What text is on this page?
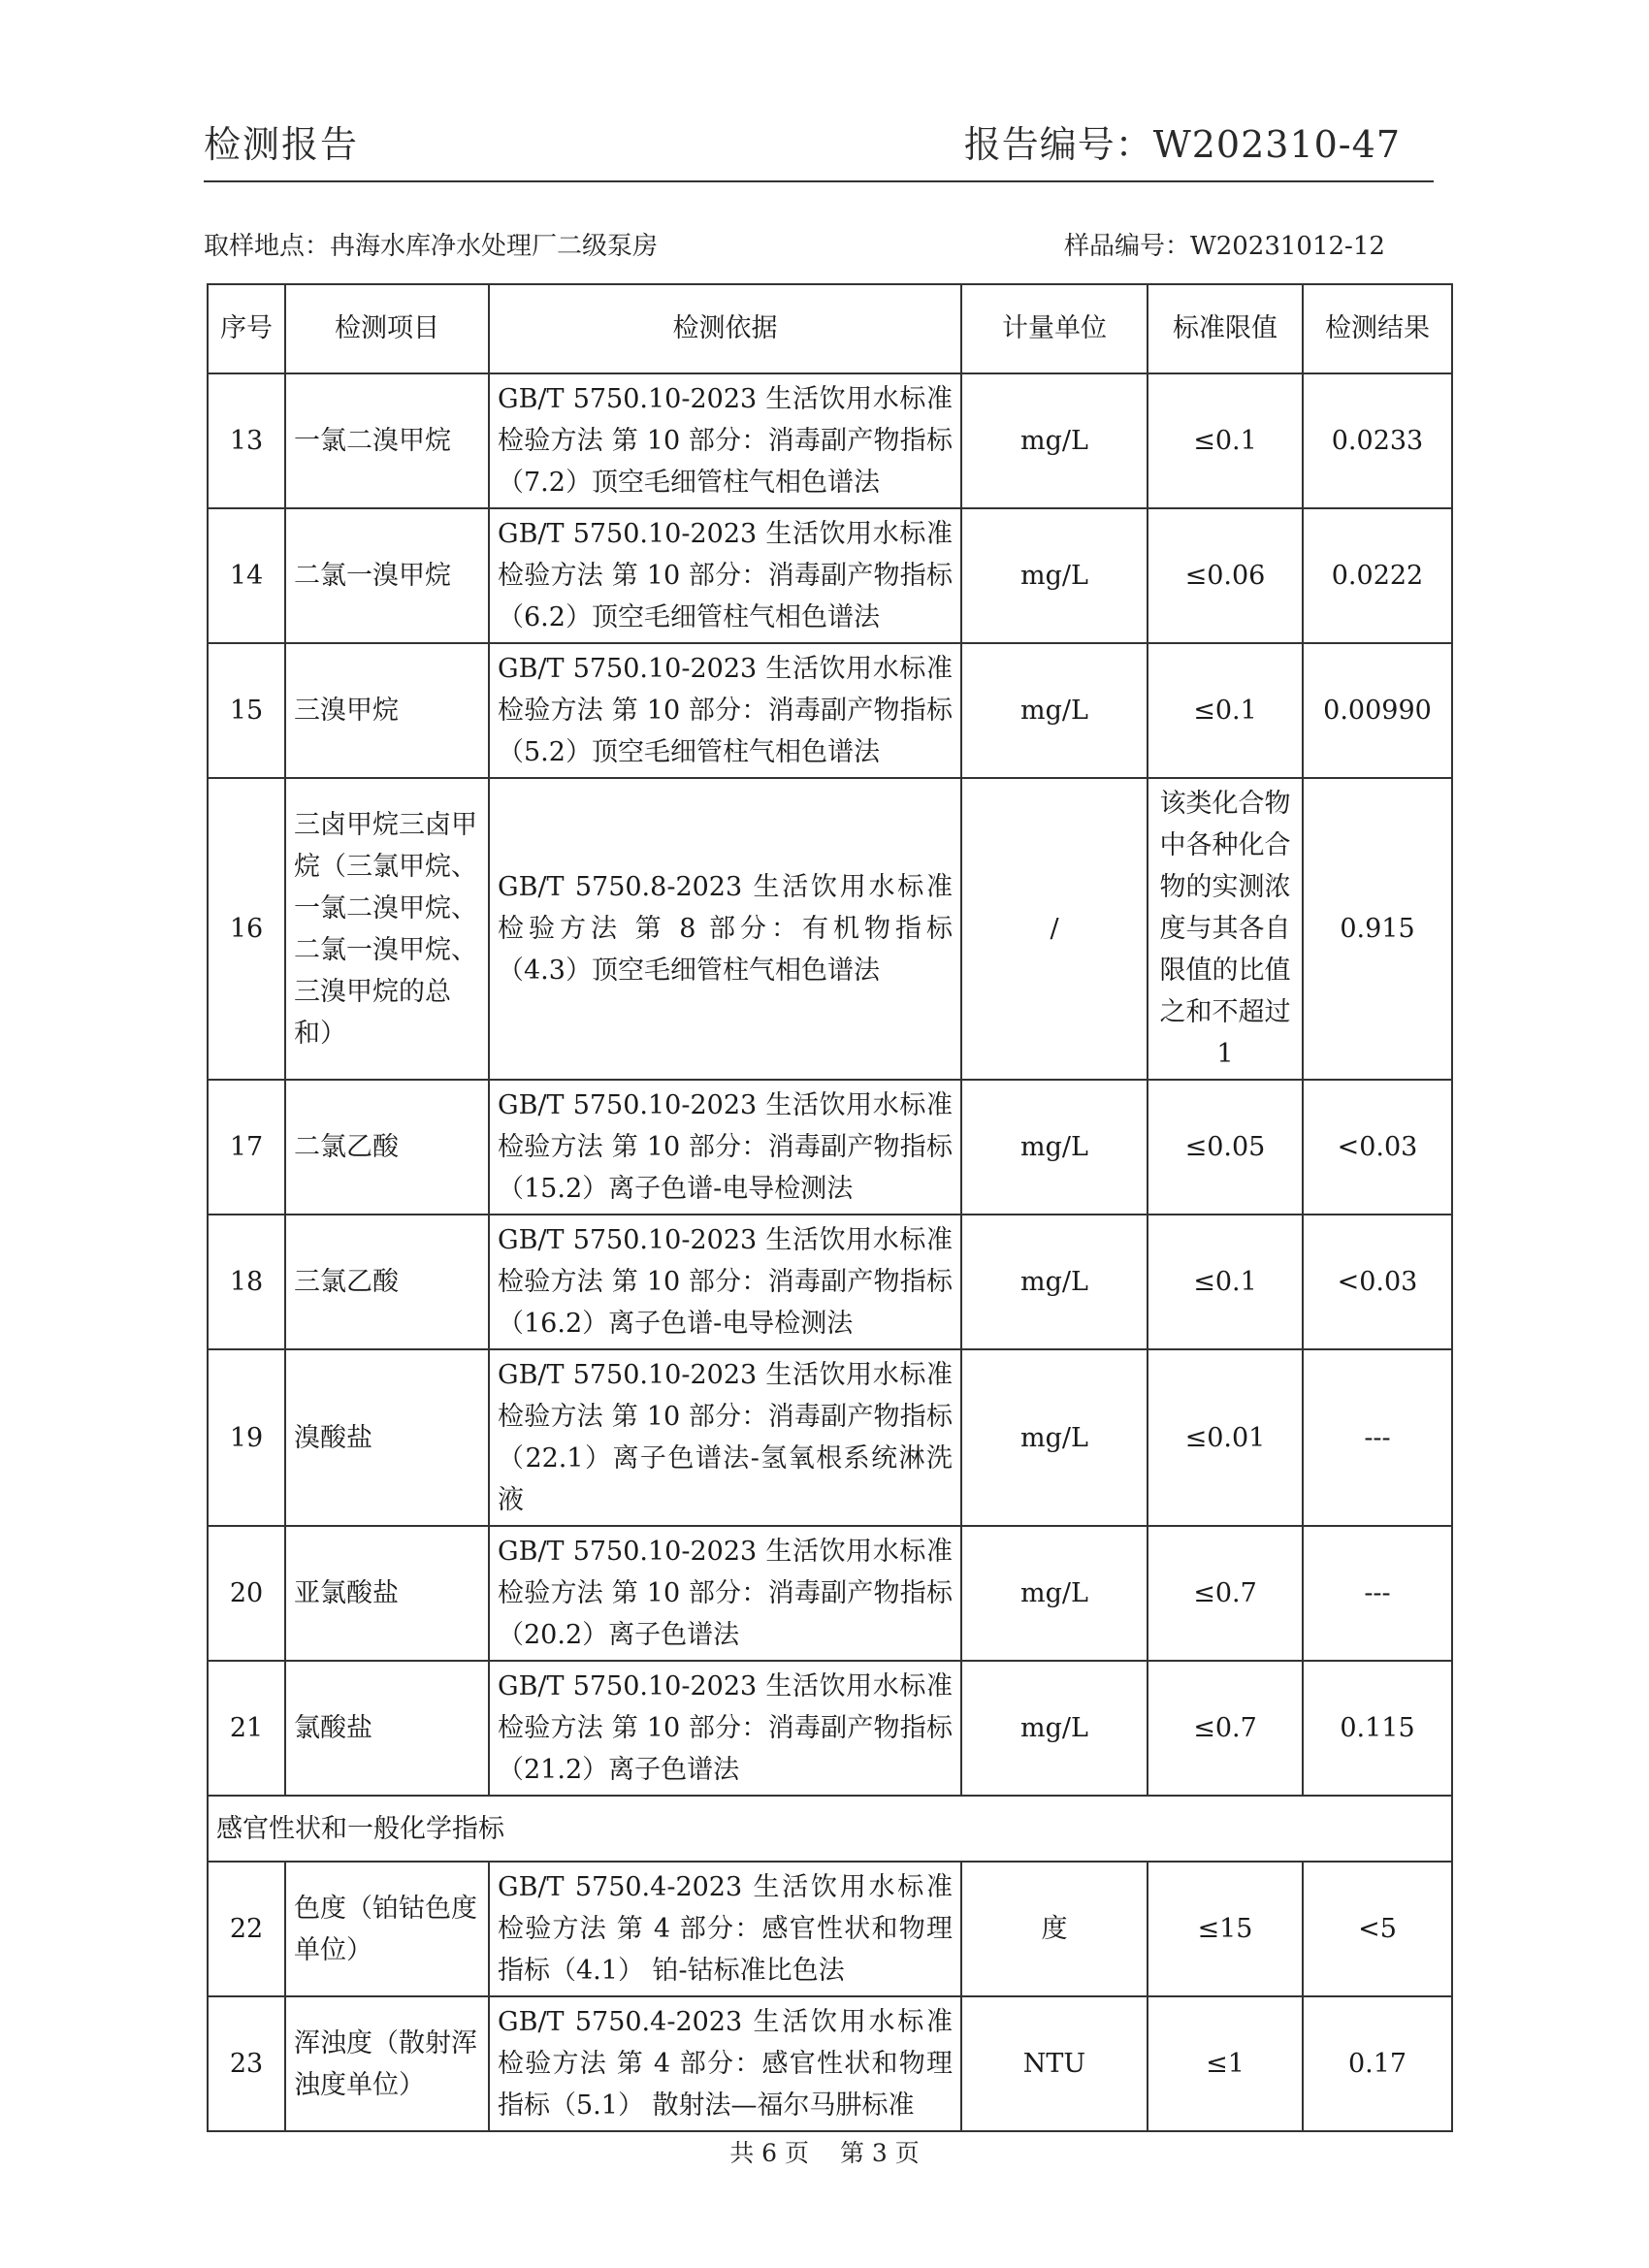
检测报告	报告编号：W202310-47
取样地点：冉海水库净水处理厂二级泵房	样品编号：W20231012-12
序号	检测项目	检测依据	计量单位	标准限值	检测结果
13	一氯二溴甲烷	GB/T 5750.10-2023 生活饮用水标准检验方法 第 10 部分：消毒副产物指标（7.2）顶空毛细管柱气相色谱法	mg/L	≤0.1	0.0233
14	二氯一溴甲烷	GB/T 5750.10-2023 生活饮用水标准检验方法 第 10 部分：消毒副产物指标（6.2）顶空毛细管柱气相色谱法	mg/L	≤0.06	0.0222
15	三溴甲烷	GB/T 5750.10-2023 生活饮用水标准检验方法 第 10 部分：消毒副产物指标（5.2）顶空毛细管柱气相色谱法	mg/L	≤0.1	0.00990
16	三卤甲烷三卤甲烷（三氯甲烷、一氯二溴甲烷、二氯一溴甲烷、三溴甲烷的总和）	GB/T 5750.8-2023 生活饮用水标准检验方法 第 8 部分：有机物指标（4.3）顶空毛细管柱气相色谱法	/	该类化合物中各种化合物的实测浓度与其各自限值的比值之和不超过1	0.915
17	二氯乙酸	GB/T 5750.10-2023 生活饮用水标准检验方法 第 10 部分：消毒副产物指标（15.2）离子色谱-电导检测法	mg/L	≤0.05	<0.03
18	三氯乙酸	GB/T 5750.10-2023 生活饮用水标准检验方法 第 10 部分：消毒副产物指标（16.2）离子色谱-电导检测法	mg/L	≤0.1	<0.03
19	溴酸盐	GB/T 5750.10-2023 生活饮用水标准检验方法 第 10 部分：消毒副产物指标（22.1）离子色谱法-氢氧根系统淋洗液	mg/L	≤0.01	---
20	亚氯酸盐	GB/T 5750.10-2023 生活饮用水标准检验方法 第 10 部分：消毒副产物指标（20.2）离子色谱法	mg/L	≤0.7	---
21	氯酸盐	GB/T 5750.10-2023 生活饮用水标准检验方法 第 10 部分：消毒副产物指标（21.2）离子色谱法	mg/L	≤0.7	0.115
感官性状和一般化学指标					
22	色度（铂钴色度单位）	GB/T 5750.4-2023 生活饮用水标准检验方法 第 4 部分：感官性状和物理指标（4.1） 铂-钴标准比色法	度	≤15	<5
23	浑浊度（散射浑浊度单位）	GB/T 5750.4-2023 生活饮用水标准检验方法 第 4 部分：感官性状和物理指标（5.1） 散射法—福尔马肼标准	NTU	≤1	0.17
共 6 页 第 3 页
